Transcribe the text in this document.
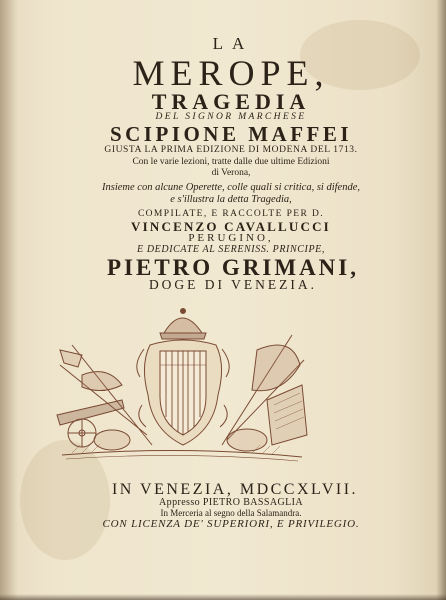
LA
MEROPE,
TRAGEDIA
DEL SIGNOR MARCHESE
SCIPIONE MAFFEI
GIUSTA LA PRIMA EDIZIONE DI MODENA DEL 1713.
Con le varie lezioni, tratte dalle due ultime Edizioni
di Verona,
Insieme con alcune Operette, colle quali si critica, si difende,
e s'illustra la detta Tragedia,
COMPILATE, E RACCOLTE PER D.
VINCENZO CAVALLUCCI
PERUGINO,
E DEDICATE AL SERENISS. PRINCIPE,
PIETRO GRIMANI,
DOGE DI VENEZIA.
IN VENEZIA, MDCCXLVII.
Appresso PIETRO BASSAGLIA
In Merceria al segno della Salamandra.
CON LICENZA DE' SUPERIORI, E PRIVILEGIO.
